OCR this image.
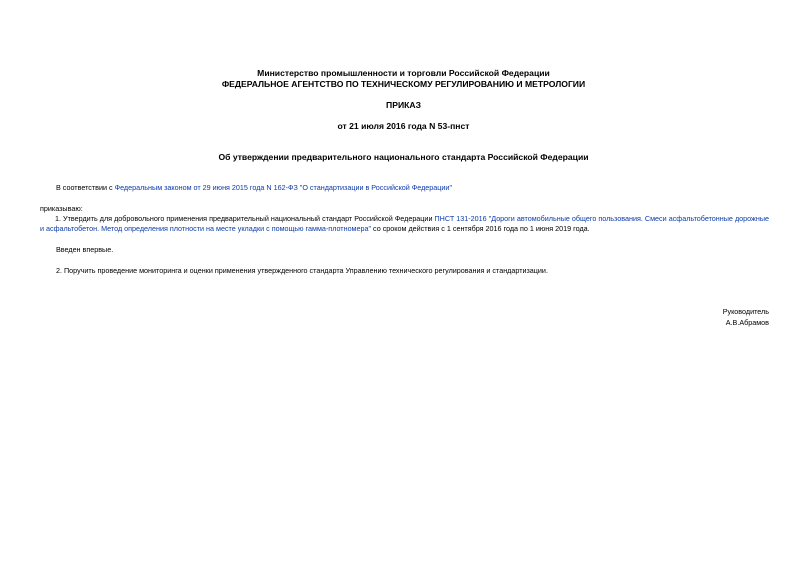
Министерство промышленности и торговли Российской Федерации
ФЕДЕРАЛЬНОЕ АГЕНТСТВО ПО ТЕХНИЧЕСКОМУ РЕГУЛИРОВАНИЮ И МЕТРОЛОГИИ
ПРИКАЗ
от 21 июля 2016 года N 53-пнст
Об утверждении предварительного национального стандарта Российской Федерации
В соответствии с Федеральным законом от 29 июня 2015 года N 162-ФЗ "О стандартизации в Российской Федерации"
приказываю:
1. Утвердить для добровольного применения предварительный национальный стандарт Российской Федерации ПНСТ 131-2016 "Дороги автомобильные общего пользования. Смеси асфальтобетонные дорожные и асфальтобетон. Метод определения плотности на месте укладки с помощью гамма-плотномера" со сроком действия с 1 сентября 2016 года по 1 июня 2019 года.
Введен впервые.
2. Поручить проведение мониторинга и оценки применения утвержденного стандарта Управлению технического регулирования и стандартизации.
Руководитель
А.В.Абрамов
